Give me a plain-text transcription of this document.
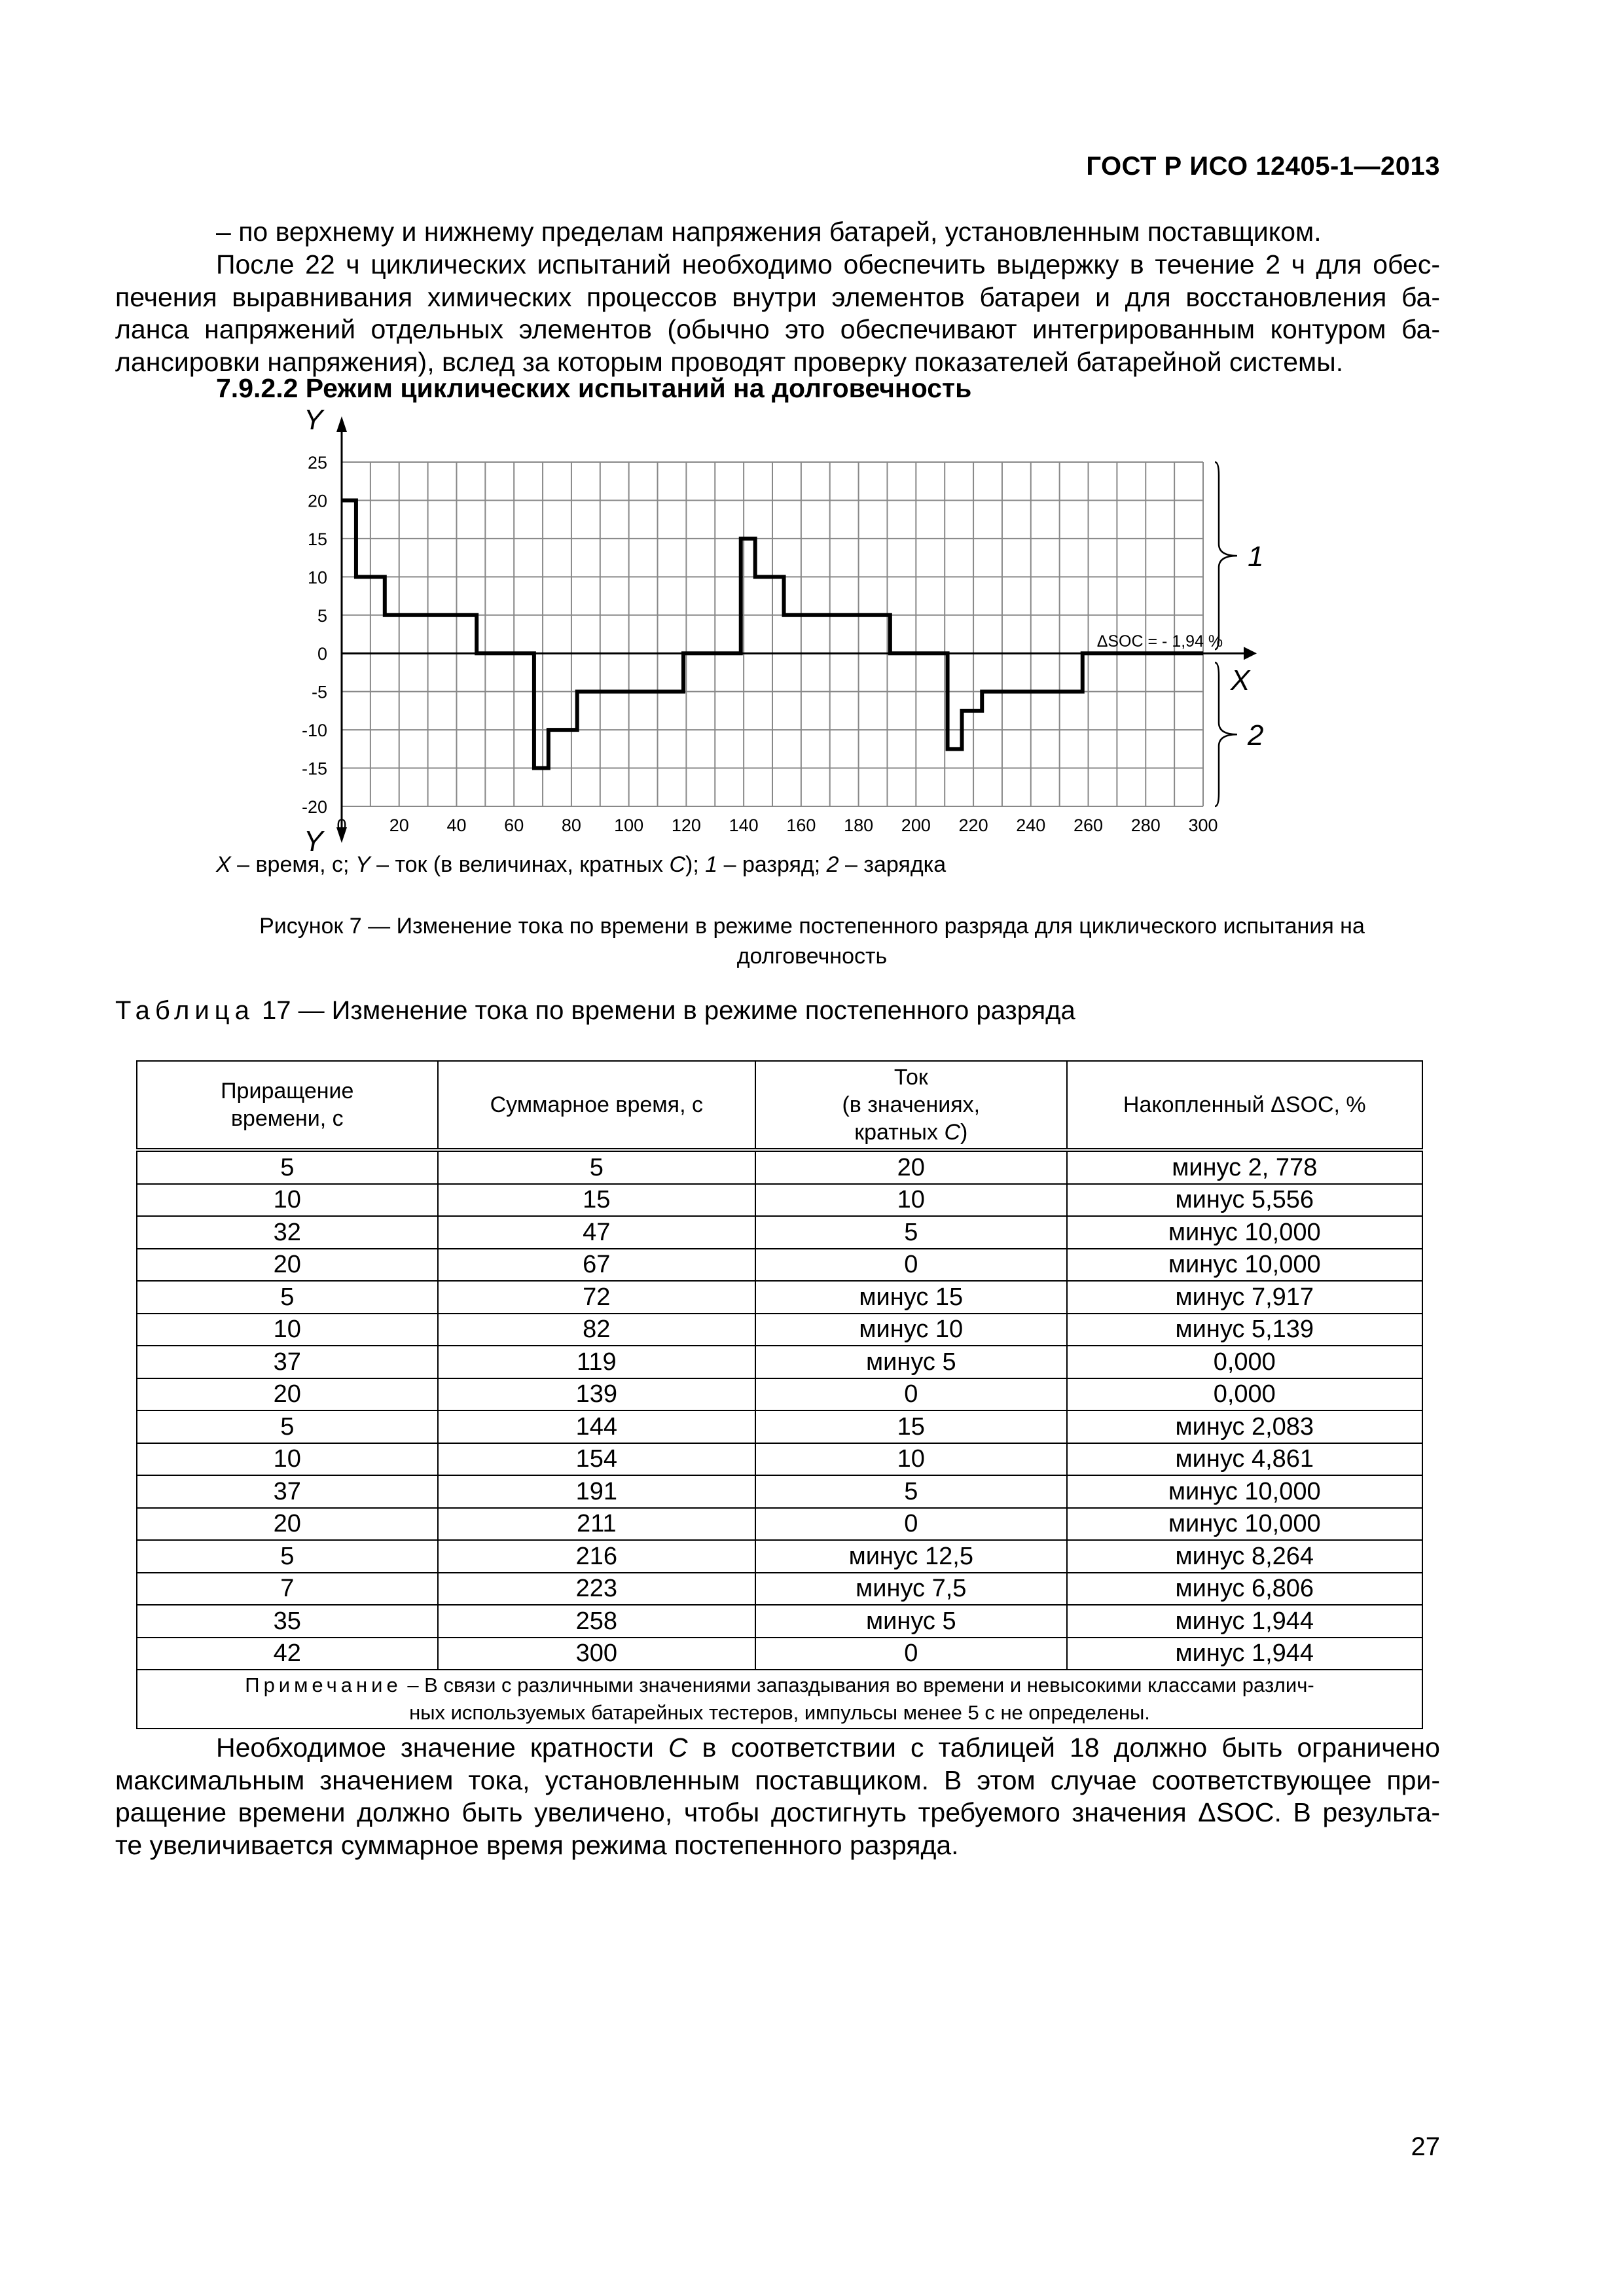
ГОСТ Р ИСО 12405-1—2013
– по верхнему и нижнему пределам напряжения батарей, установленным поставщиком.
После 22 ч циклических испытаний необходимо обеспечить выдержку в течение 2 ч для обес-
печения выравнивания химических процессов внутри элементов батареи и для восстановления ба-
ланса напряжений отдельных элементов (обычно это обеспечивают интегрированным контуром ба-
лансировки напряжения), вслед за которым проводят проверку показателей батарейной системы.
7.9.2.2 Режим циклических испытаний на долговечность
Y
Y
X
25
20
15
10
5
0
-5
-10
-15
-20
0 20 40 60 80 100 120 140 160 180 200 220 240 260 280 300
ΔSOC = - 1,94 %
1
2
X – время, с; Y – ток (в величинах, кратных C); 1 – разряд; 2 – зарядка
Рисунок 7 — Изменение тока по времени в режиме постепенного разряда для циклического испытания на
долговечность
Таблица 17 — Изменение тока по времени в режиме постепенного разряда
Приращение
времени, с	Суммарное время, с	Ток
(в значениях,
кратных C)	Накопленный ΔSOC, %
5	5	20	минус 2, 778
10	15	10	минус 5,556
32	47	5	минус 10,000
20	67	0	минус 10,000
5	72	минус 15	минус 7,917
10	82	минус 10	минус 5,139
37	119	минус 5	0,000
20	139	0	0,000
5	144	15	минус 2,083
10	154	10	минус 4,861
37	191	5	минус 10,000
20	211	0	минус 10,000
5	216	минус 12,5	минус 8,264
7	223	минус 7,5	минус 6,806
35	258	минус 5	минус 1,944
42	300	0	минус 1,944
Примечание – В связи с различными значениями запаздывания во времени и невысокими классами различ-
ных используемых батарейных тестеров, импульсы менее 5 с не определены.			
Необходимое значение кратности C в соответствии с таблицей 18 должно быть ограничено
максимальным значением тока, установленным поставщиком. В этом случае соответствующее при-
ращение времени должно быть увеличено, чтобы достигнуть требуемого значения ΔSOC. В результа-
те увеличивается суммарное время режима постепенного разряда.
27
